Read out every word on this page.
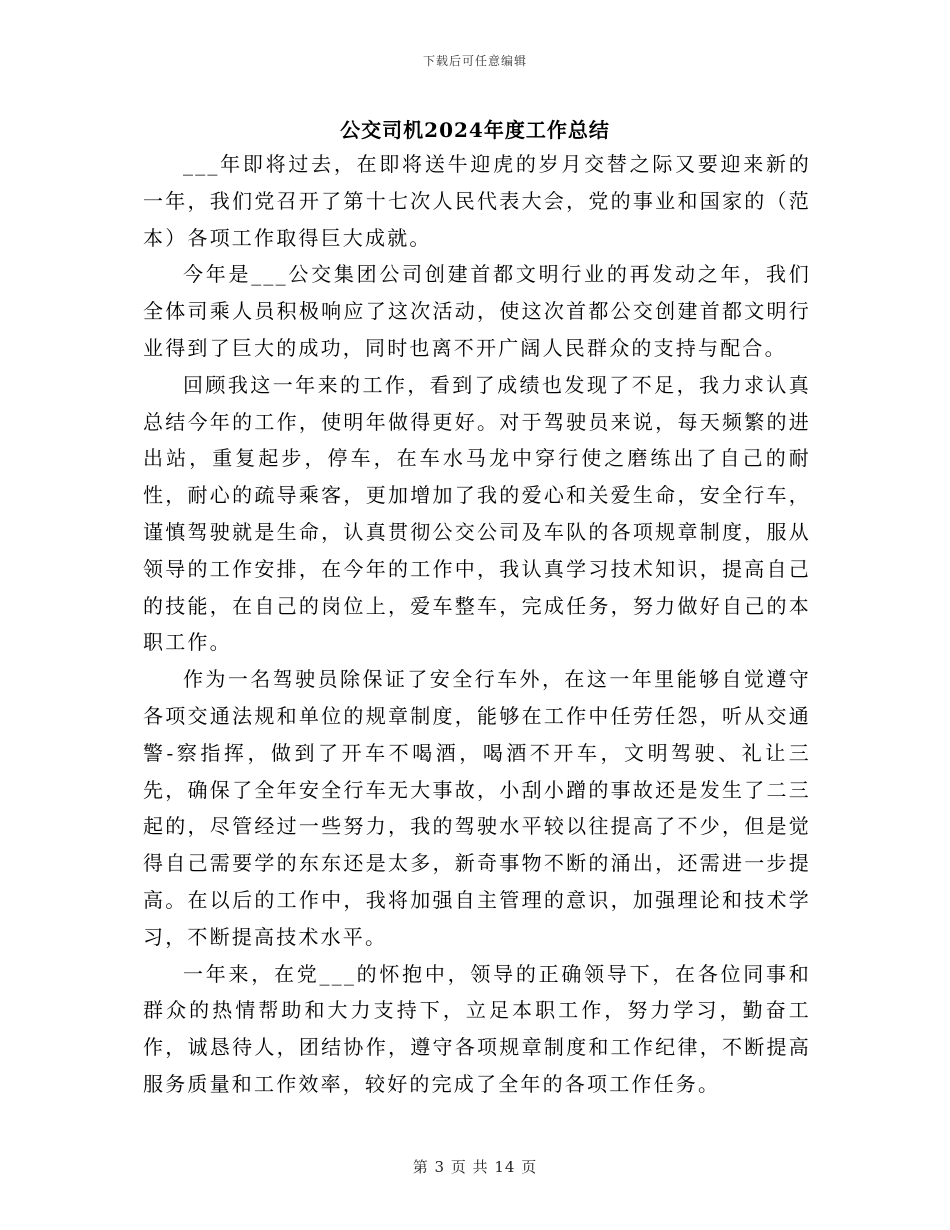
下载后可任意编辑
公交司机2024年度工作总结

___年即将过去，在即将送牛迎虎的岁月交替之际又要迎来新的一年，我们党召开了第十七次人民代表大会，党的事业和国家的（范本）各项工作取得巨大成就。

今年是___公交集团公司创建首都文明行业的再发动之年，我们全体司乘人员积极响应了这次活动，使这次首都公交创建首都文明行业得到了巨大的成功，同时也离不开广阔人民群众的支持与配合。

回顾我这一年来的工作，看到了成绩也发现了不足，我力求认真总结今年的工作，使明年做得更好。对于驾驶员来说，每天频繁的进出站，重复起步，停车，在车水马龙中穿行使之磨练出了自己的耐性，耐心的疏导乘客，更加增加了我的爱心和关爱生命，安全行车，谨慎驾驶就是生命，认真贯彻公交公司及车队的各项规章制度，服从领导的工作安排，在今年的工作中，我认真学习技术知识，提高自己的技能，在自己的岗位上，爱车整车，完成任务，努力做好自己的本职工作。

作为一名驾驶员除保证了安全行车外，在这一年里能够自觉遵守各项交通法规和单位的规章制度，能够在工作中任劳任怨，听从交通警-察指挥，做到了开车不喝酒，喝酒不开车，文明驾驶、礼让三先，确保了全年安全行车无大事故，小刮小蹭的事故还是发生了二三起的，尽管经过一些努力，我的驾驶水平较以往提高了不少，但是觉得自己需要学的东东还是太多，新奇事物不断的涌出，还需进一步提高。在以后的工作中，我将加强自主管理的意识，加强理论和技术学习，不断提高技术水平。

一年来，在党___的怀抱中，领导的正确领导下，在各位同事和群众的热情帮助和大力支持下，立足本职工作，努力学习，勤奋工作，诚恳待人，团结协作，遵守各项规章制度和工作纪律，不断提高服务质量和工作效率，较好的完成了全年的各项工作任务。

第 3 页 共 14 页
